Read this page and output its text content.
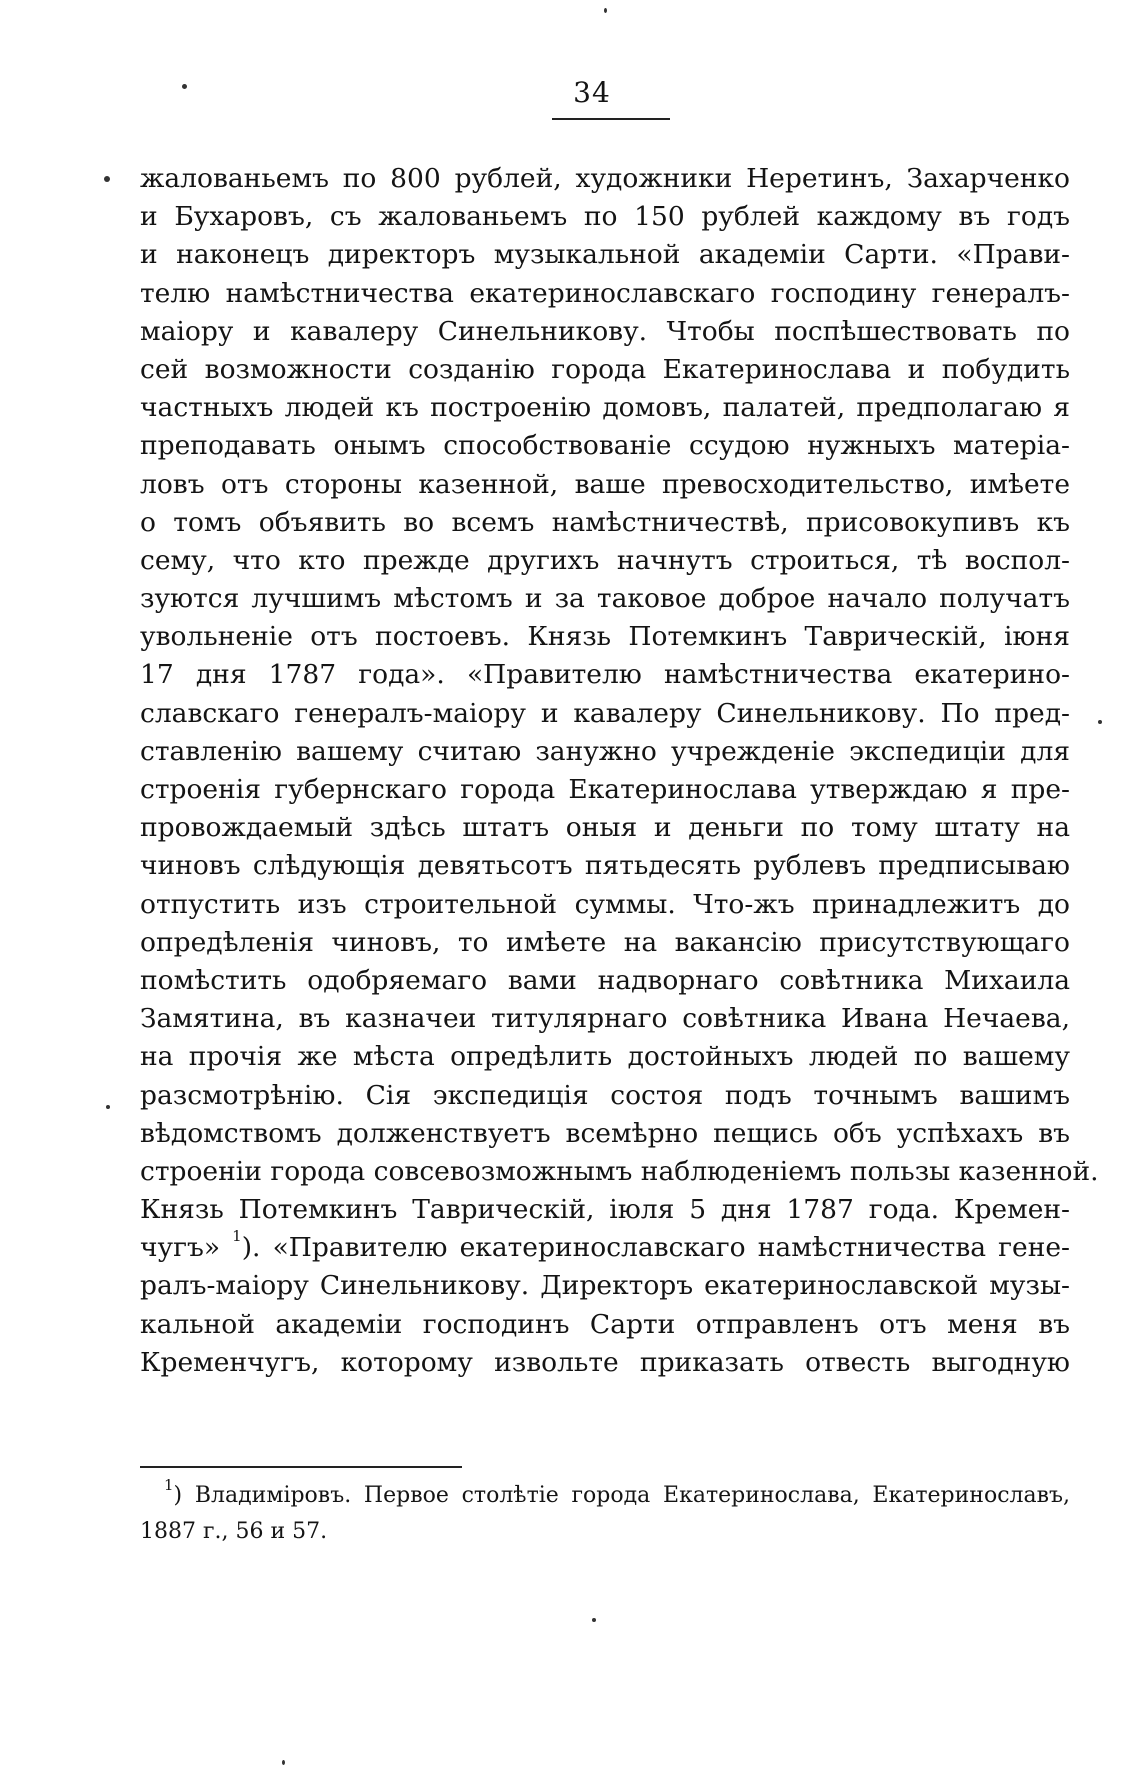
34
жалованьемъ по 800 рублей, художники Неретинъ, Захарченко
и Бухаровъ, съ жалованьемъ по 150 рублей каждому въ годъ
и наконецъ директоръ музыкальной академіи Сарти. «Прави-
телю намѣстничества екатеринославскаго господину генералъ-
маіору и кавалеру Синельникову. Чтобы поспѣшествовать по
сей возможности созданію города Екатеринослава и побудить
частныхъ людей къ построенію домовъ, палатей, предполагаю я
преподавать онымъ способствованіе ссудою нужныхъ матеріа-
ловъ отъ стороны казенной, ваше превосходительство, имѣете
о томъ объявить во всемъ намѣстничествѣ, присовокупивъ къ
сему, что кто прежде другихъ начнутъ строиться, тѣ воспол-
зуются лучшимъ мѣстомъ и за таковое доброе начало получатъ
увольненіе отъ постоевъ. Князь Потемкинъ Таврическій, іюня
17 дня 1787 года». «Правителю намѣстничества екатерино-
славскаго генералъ-маіору и кавалеру Синельникову. По пред-
ставленію вашему считаю занужно учрежденіе экспедиціи для
строенія губернскаго города Екатеринослава утверждаю я пре-
провождаемый здѣсь штатъ оныя и деньги по тому штату на
чиновъ слѣдующія девятьсотъ пятьдесять рублевъ предписываю
отпустить изъ строительной суммы. Что-жъ принадлежитъ до
опредѣленія чиновъ, то имѣете на вакансію присутствующаго
помѣстить одобряемаго вами надворнаго совѣтника Михаила
Замятина, въ казначеи титулярнаго совѣтника Ивана Нечаева,
на прочія же мѣста опредѣлить достойныхъ людей по вашему
разсмотрѣнію. Сія экспедиція состоя подъ точнымъ вашимъ
вѣдомствомъ долженствуетъ всемѣрно пещись объ успѣхахъ въ
строеніи города совсевозможнымъ наблюденіемъ пользы казенной.
Князь Потемкинъ Таврическій, іюля 5 дня 1787 года. Кремен-
чугъ» $^1$). «Правителю екатеринославскаго намѣстничества гене-
ралъ-маіору Синельникову. Директоръ екатеринославской музы-
кальной академіи господинъ Сарти отправленъ отъ меня въ
Кременчугъ, которому извольте приказать отвесть выгодную
$^1$) Владиміровъ. Первое столѣтіе города Екатеринослава, Екатеринославъ,
1887 г., 56 и 57.
